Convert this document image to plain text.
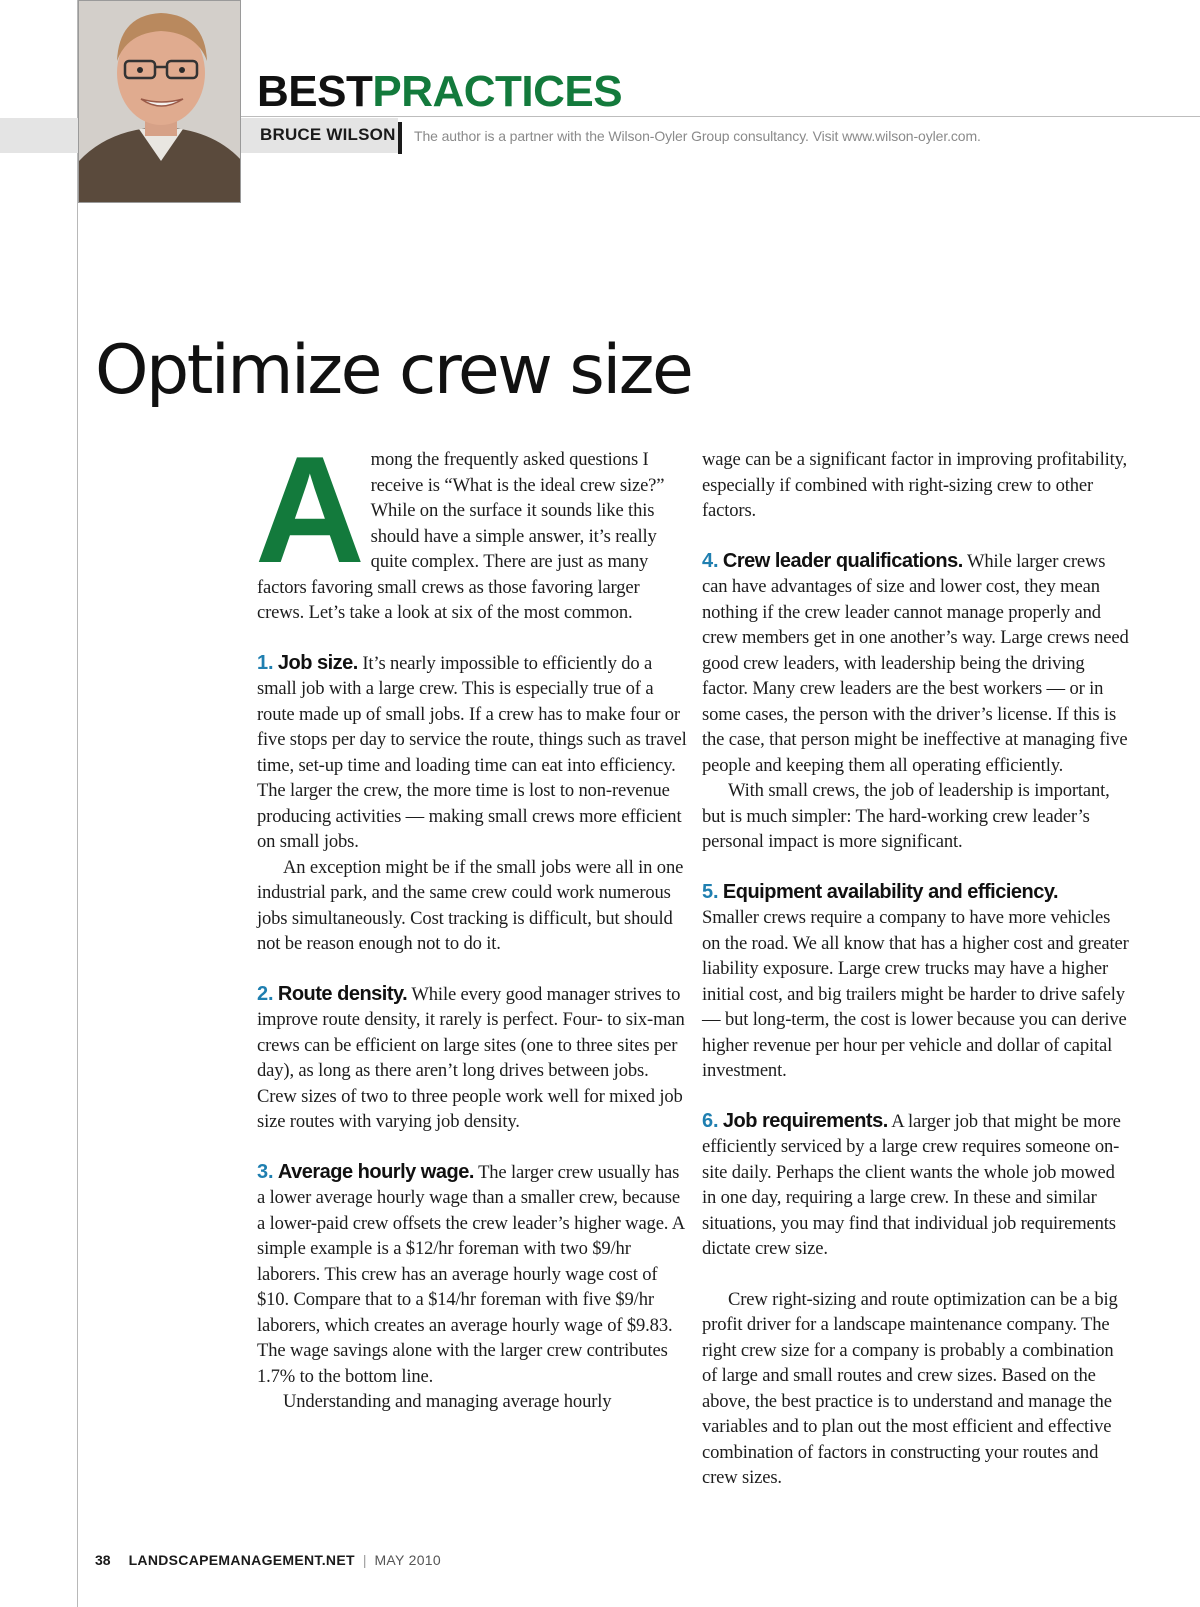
BESTPRACTICES
BRUCE WILSON The author is a partner with the Wilson-Oyler Group consultancy. Visit www.wilson-oyler.com.
Optimize crew size

Among the frequently asked questions I receive is “What is the ideal crew size?” While on the surface it sounds like this should have a simple answer, it’s really quite complex. There are just as many factors favoring small crews as those favoring larger crews. Let’s take a look at six of the most common.

1. Job size. It’s nearly impossible to efficiently do a small job with a large crew. This is especially true of a route made up of small jobs. If a crew has to make four or five stops per day to service the route, things such as travel time, set-up time and loading time can eat into efficiency. The larger the crew, the more time is lost to non-revenue producing activities — making small crews more efficient on small jobs.

An exception might be if the small jobs were all in one industrial park, and the same crew could work numerous jobs simultaneously. Cost tracking is difficult, but should not be reason enough not to do it.

2. Route density. While every good manager strives to improve route density, it rarely is perfect. Four- to six-man crews can be efficient on large sites (one to three sites per day), as long as there aren’t long drives between jobs. Crew sizes of two to three people work well for mixed job size routes with varying job density.

3. Average hourly wage. The larger crew usually has a lower average hourly wage than a smaller crew, because a lower-paid crew offsets the crew leader’s higher wage. A simple example is a $12/hr foreman with two $9/hr laborers. This crew has an average hourly wage cost of $10. Compare that to a $14/hr foreman with five $9/hr laborers, which creates an average hourly wage of $9.83. The wage savings alone with the larger crew contributes 1.7% to the bottom line.

Understanding and managing average hourly

wage can be a significant factor in improving profitability, especially if combined with right-sizing crew to other factors.

4. Crew leader qualifications. While larger crews can have advantages of size and lower cost, they mean nothing if the crew leader cannot manage properly and crew members get in one another’s way. Large crews need good crew leaders, with leadership being the driving factor. Many crew leaders are the best workers — or in some cases, the person with the driver’s license. If this is the case, that person might be ineffective at managing five people and keeping them all operating efficiently.

With small crews, the job of leadership is important, but is much simpler: The hard-working crew leader’s personal impact is more significant.

5. Equipment availability and efficiency.
Smaller crews require a company to have more vehicles on the road. We all know that has a higher cost and greater liability exposure. Large crew trucks may have a higher initial cost, and big trailers might be harder to drive safely — but long-term, the cost is lower because you can derive higher revenue per hour per vehicle and dollar of capital investment.

6. Job requirements. A larger job that might be more efficiently serviced by a large crew requires someone on-site daily. Perhaps the client wants the whole job mowed in one day, requiring a large crew. In these and similar situations, you may find that individual job requirements dictate crew size.

Crew right-sizing and route optimization can be a big profit driver for a landscape maintenance company. The right crew size for a company is probably a combination of large and small routes and crew sizes. Based on the above, the best practice is to understand and manage the variables and to plan out the most efficient and effective combination of factors in constructing your routes and crew sizes.

38 LANDSCAPEMANAGEMENT.NET | MAY 2010
